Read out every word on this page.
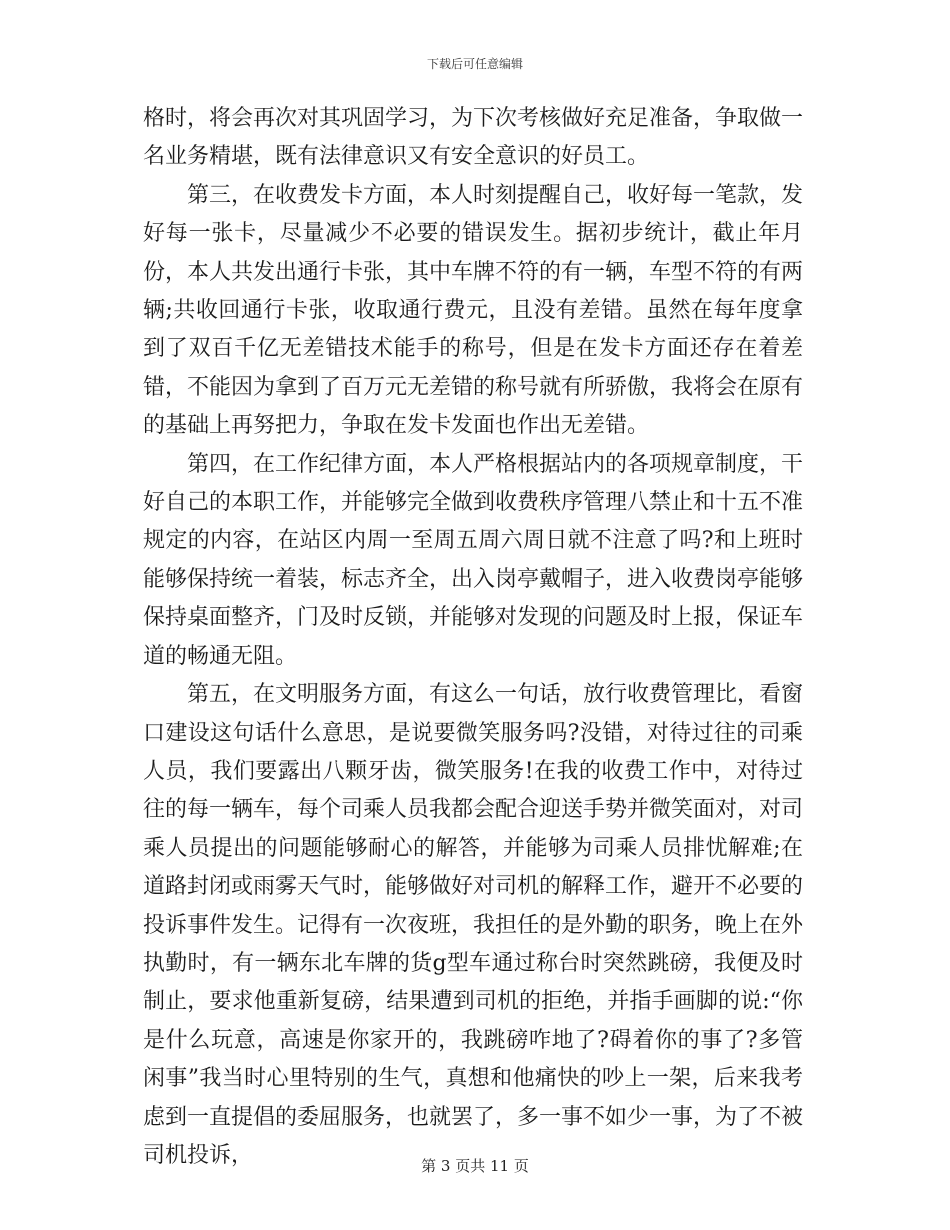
下载后可任意编辑

格时，将会再次对其巩固学习，为下次考核做好充足准备，争取做一名业务精堪，既有法律意识又有安全意识的好员工。

第三，在收费发卡方面，本人时刻提醒自己，收好每一笔款，发好每一张卡，尽量减少不必要的错误发生。据初步统计，截止年月份，本人共发出通行卡张，其中车牌不符的有一辆，车型不符的有两辆;共收回通行卡张，收取通行费元，且没有差错。虽然在每年度拿到了双百千亿无差错技术能手的称号，但是在发卡方面还存在着差错，不能因为拿到了百万元无差错的称号就有所骄傲，我将会在原有的基础上再努把力，争取在发卡发面也作出无差错。

第四，在工作纪律方面，本人严格根据站内的各项规章制度，干好自己的本职工作，并能够完全做到收费秩序管理八禁止和十五不准规定的内容，在站区内周一至周五周六周日就不注意了吗?和上班时能够保持统一着装，标志齐全，出入岗亭戴帽子，进入收费岗亭能够保持桌面整齐，门及时反锁，并能够对发现的问题及时上报，保证车道的畅通无阻。

第五，在文明服务方面，有这么一句话，放行收费管理比，看窗口建设这句话什么意思，是说要微笑服务吗?没错，对待过往的司乘人员，我们要露出八颗牙齿，微笑服务!在我的收费工作中，对待过往的每一辆车，每个司乘人员我都会配合迎送手势并微笑面对，对司乘人员提出的问题能够耐心的解答，并能够为司乘人员排忧解难;在道路封闭或雨雾天气时，能够做好对司机的解释工作，避开不必要的投诉事件发生。记得有一次夜班，我担任的是外勤的职务，晚上在外执勤时，有一辆东北车牌的货g型车通过称台时突然跳磅，我便及时制止，要求他重新复磅，结果遭到司机的拒绝，并指手画脚的说:“你是什么玩意，高速是你家开的，我跳磅咋地了?碍着你的事了?多管闲事”我当时心里特别的生气，真想和他痛快的吵上一架，后来我考虑到一直提倡的委屈服务，也就罢了，多一事不如少一事，为了不被司机投诉，	第 3 页共 11 页
